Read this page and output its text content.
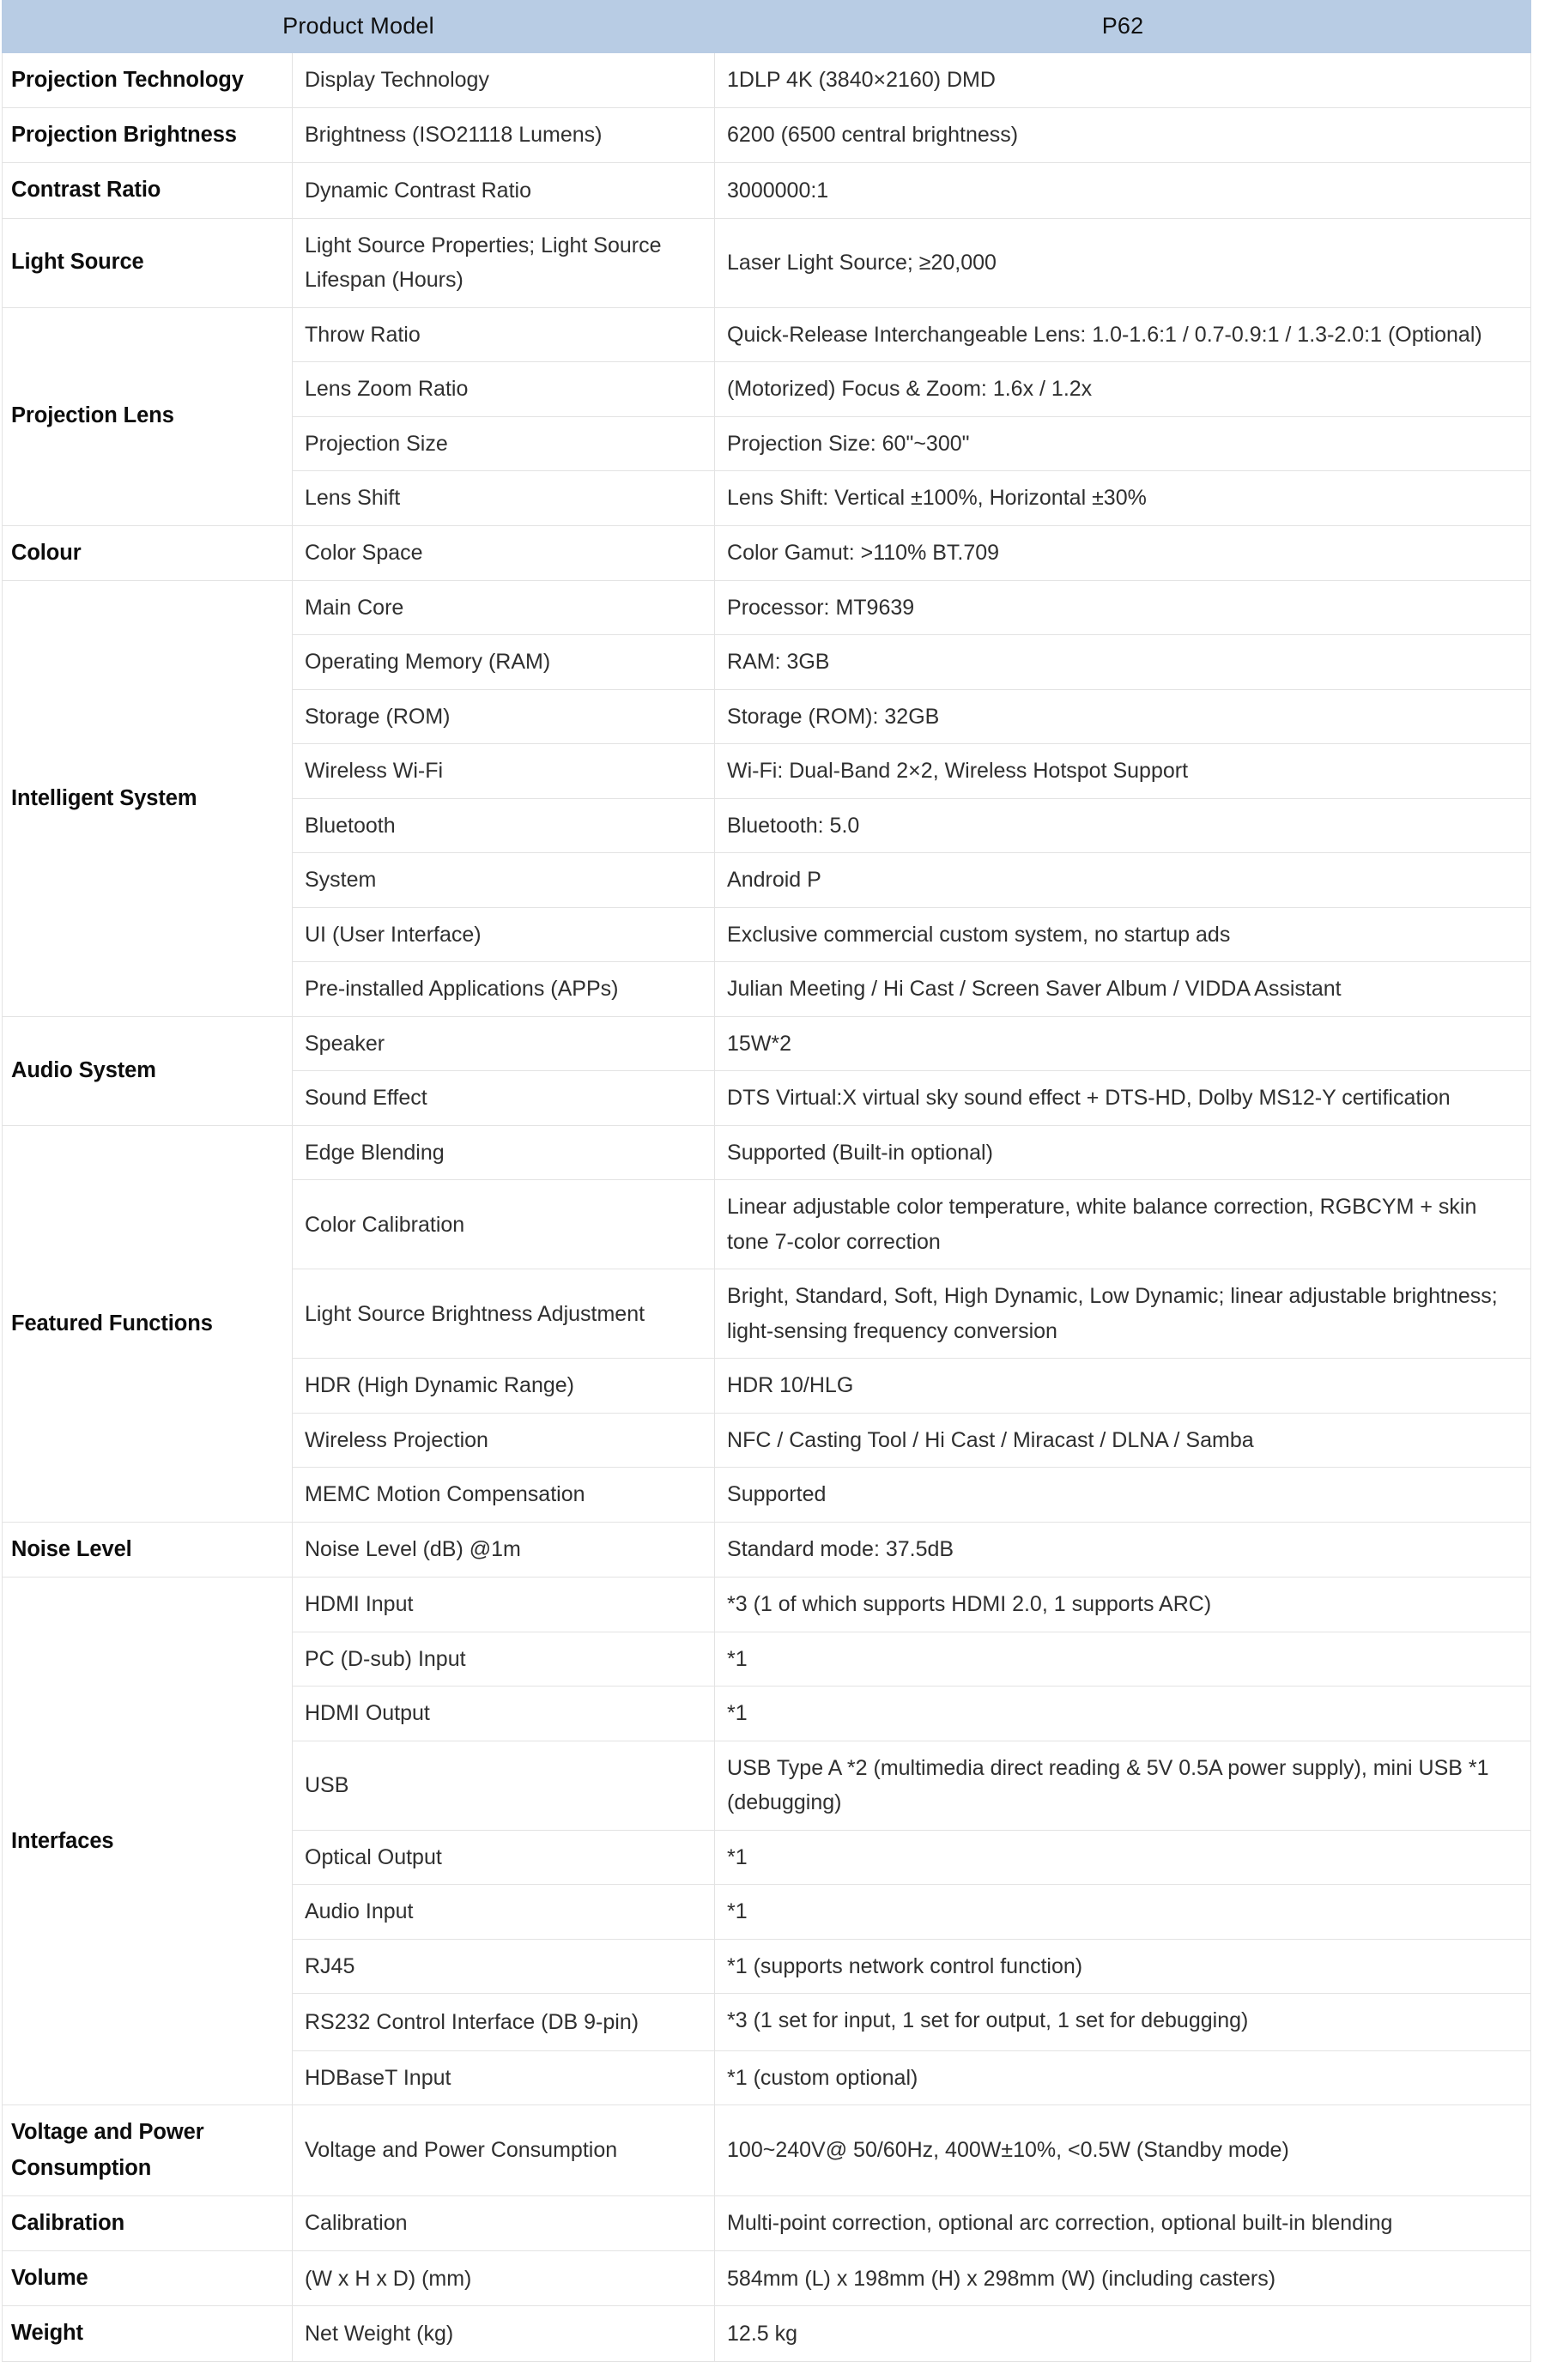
Product Model		P62
Projection Technology	Display Technology	1DLP 4K (3840×2160) DMD
Projection Brightness	Brightness (ISO21118 Lumens)	6200 (6500 central brightness)
Contrast Ratio	Dynamic Contrast Ratio	3000000:1
Light Source	Light Source Properties; Light Source Lifespan (Hours)	Laser Light Source; ≥20,000
Projection Lens	Throw Ratio	Quick-Release Interchangeable Lens: 1.0-1.6:1 / 0.7-0.9:1 / 1.3-2.0:1 (Optional)
	Lens Zoom Ratio	(Motorized) Focus & Zoom: 1.6x / 1.2x
	Projection Size	Projection Size: 60"~300"
	Lens Shift	Lens Shift: Vertical ±100%, Horizontal ±30%
Colour	Color Space	Color Gamut: >110% BT.709
Intelligent System	Main Core	Processor: MT9639
	Operating Memory (RAM)	RAM: 3GB
	Storage (ROM)	Storage (ROM): 32GB
	Wireless Wi-Fi	Wi-Fi: Dual-Band 2×2, Wireless Hotspot Support
	Bluetooth	Bluetooth: 5.0
	System	Android P
	UI (User Interface)	Exclusive commercial custom system, no startup ads
	Pre-installed Applications (APPs)	Julian Meeting / Hi Cast / Screen Saver Album / VIDDA Assistant
Audio System	Speaker	15W*2
	Sound Effect	DTS Virtual:X virtual sky sound effect + DTS-HD, Dolby MS12-Y certification
Featured Functions	Edge Blending	Supported (Built-in optional)
	Color Calibration	Linear adjustable color temperature, white balance correction, RGBCYM + skin tone 7-color correction
	Light Source Brightness Adjustment	Bright, Standard, Soft, High Dynamic, Low Dynamic; linear adjustable brightness; light-sensing frequency conversion
	HDR (High Dynamic Range)	HDR 10/HLG
	Wireless Projection	NFC / Casting Tool / Hi Cast / Miracast / DLNA / Samba
	MEMC Motion Compensation	Supported
Noise Level	Noise Level (dB) @1m	Standard mode: 37.5dB
Interfaces	HDMI Input	*3 (1 of which supports HDMI 2.0, 1 supports ARC)
	PC (D-sub) Input	*1
	HDMI Output	*1
	USB	USB Type A *2 (multimedia direct reading & 5V 0.5A power supply), mini USB *1 (debugging)
	Optical Output	*1
	Audio Input	*1
	RJ45	*1 (supports network control function)
	RS232 Control Interface (DB 9-pin)	*3 (1 set for input, 1 set for output, 1 set for debugging)
	HDBaseT Input	*1 (custom optional)
Voltage and Power Consumption	Voltage and Power Consumption	100~240V@ 50/60Hz, 400W±10%, <0.5W (Standby mode)
Calibration	Calibration	Multi-point correction, optional arc correction, optional built-in blending
Volume	(W x H x D) (mm)	584mm (L) x 198mm (H) x 298mm (W) (including casters)
Weight	Net Weight (kg)	12.5 kg
